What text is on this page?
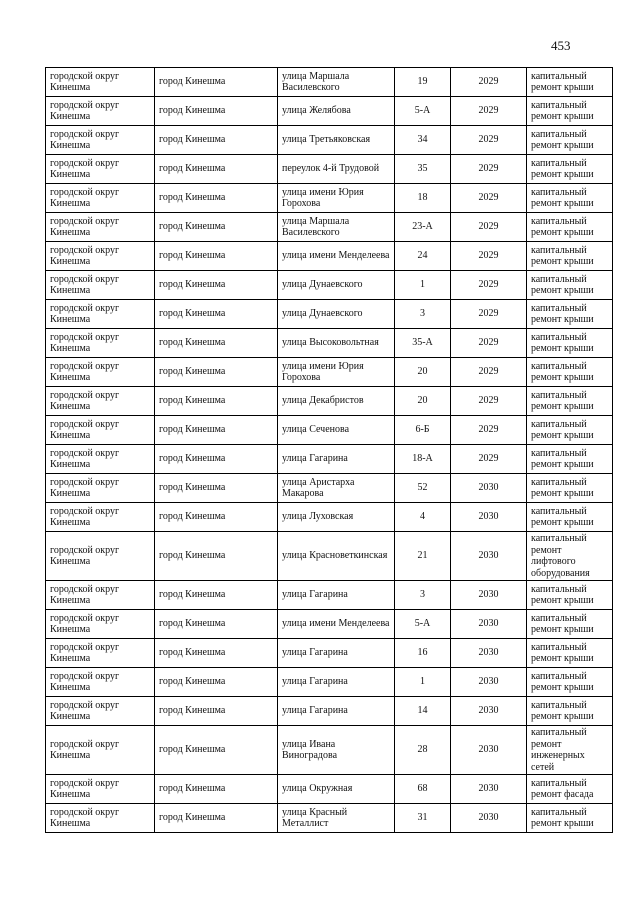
453
городской округ Кинешма	город Кинешма	улица Маршала Василевского	19	2029	капитальный ремонт крыши
городской округ Кинешма	город Кинешма	улица Желябова	5-А	2029	капитальный ремонт крыши
городской округ Кинешма	город Кинешма	улица Третьяковская	34	2029	капитальный ремонт крыши
городской округ Кинешма	город Кинешма	переулок 4-й Трудовой	35	2029	капитальный ремонт крыши
городской округ Кинешма	город Кинешма	улица имени Юрия Горохова	18	2029	капитальный ремонт крыши
городской округ Кинешма	город Кинешма	улица Маршала Василевского	23-А	2029	капитальный ремонт крыши
городской округ Кинешма	город Кинешма	улица имени Менделеева	24	2029	капитальный ремонт крыши
городской округ Кинешма	город Кинешма	улица Дунаевского	1	2029	капитальный ремонт крыши
городской округ Кинешма	город Кинешма	улица Дунаевского	3	2029	капитальный ремонт крыши
городской округ Кинешма	город Кинешма	улица Высоковольтная	35-А	2029	капитальный ремонт крыши
городской округ Кинешма	город Кинешма	улица имени Юрия Горохова	20	2029	капитальный ремонт крыши
городской округ Кинешма	город Кинешма	улица Декабристов	20	2029	капитальный ремонт крыши
городской округ Кинешма	город Кинешма	улица Сеченова	6-Б	2029	капитальный ремонт крыши
городской округ Кинешма	город Кинешма	улица Гагарина	18-А	2029	капитальный ремонт крыши
городской округ Кинешма	город Кинешма	улица Аристарха Макарова	52	2030	капитальный ремонт крыши
городской округ Кинешма	город Кинешма	улица Луховская	4	2030	капитальный ремонт крыши
городской округ Кинешма	город Кинешма	улица Красноветкинская	21	2030	капитальный ремонт лифтового оборудования
городской округ Кинешма	город Кинешма	улица Гагарина	3	2030	капитальный ремонт крыши
городской округ Кинешма	город Кинешма	улица имени Менделеева	5-А	2030	капитальный ремонт крыши
городской округ Кинешма	город Кинешма	улица Гагарина	16	2030	капитальный ремонт крыши
городской округ Кинешма	город Кинешма	улица Гагарина	1	2030	капитальный ремонт крыши
городской округ Кинешма	город Кинешма	улица Гагарина	14	2030	капитальный ремонт крыши
городской округ Кинешма	город Кинешма	улица Ивана Виноградова	28	2030	капитальный ремонт инженерных сетей
городской округ Кинешма	город Кинешма	улица Окружная	68	2030	капитальный ремонт фасада
городской округ Кинешма	город Кинешма	улица Красный Металлист	31	2030	капитальный ремонт крыши
